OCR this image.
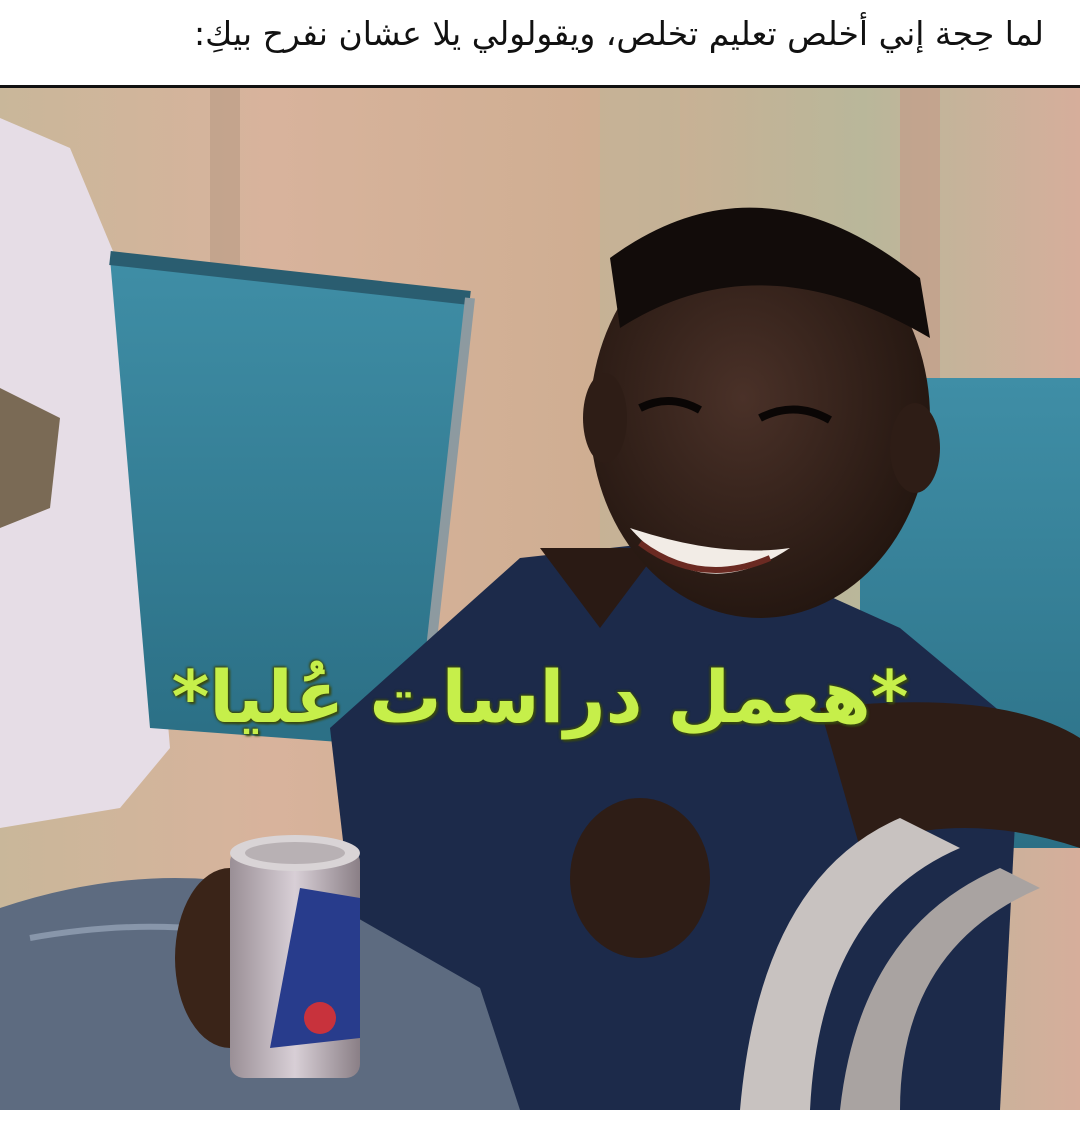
لما حِجة إني أخلص تعليم تخلص، ويقولولي يلا عشان نفرح بيكِ:
*هعمل دراسات عُليا*
